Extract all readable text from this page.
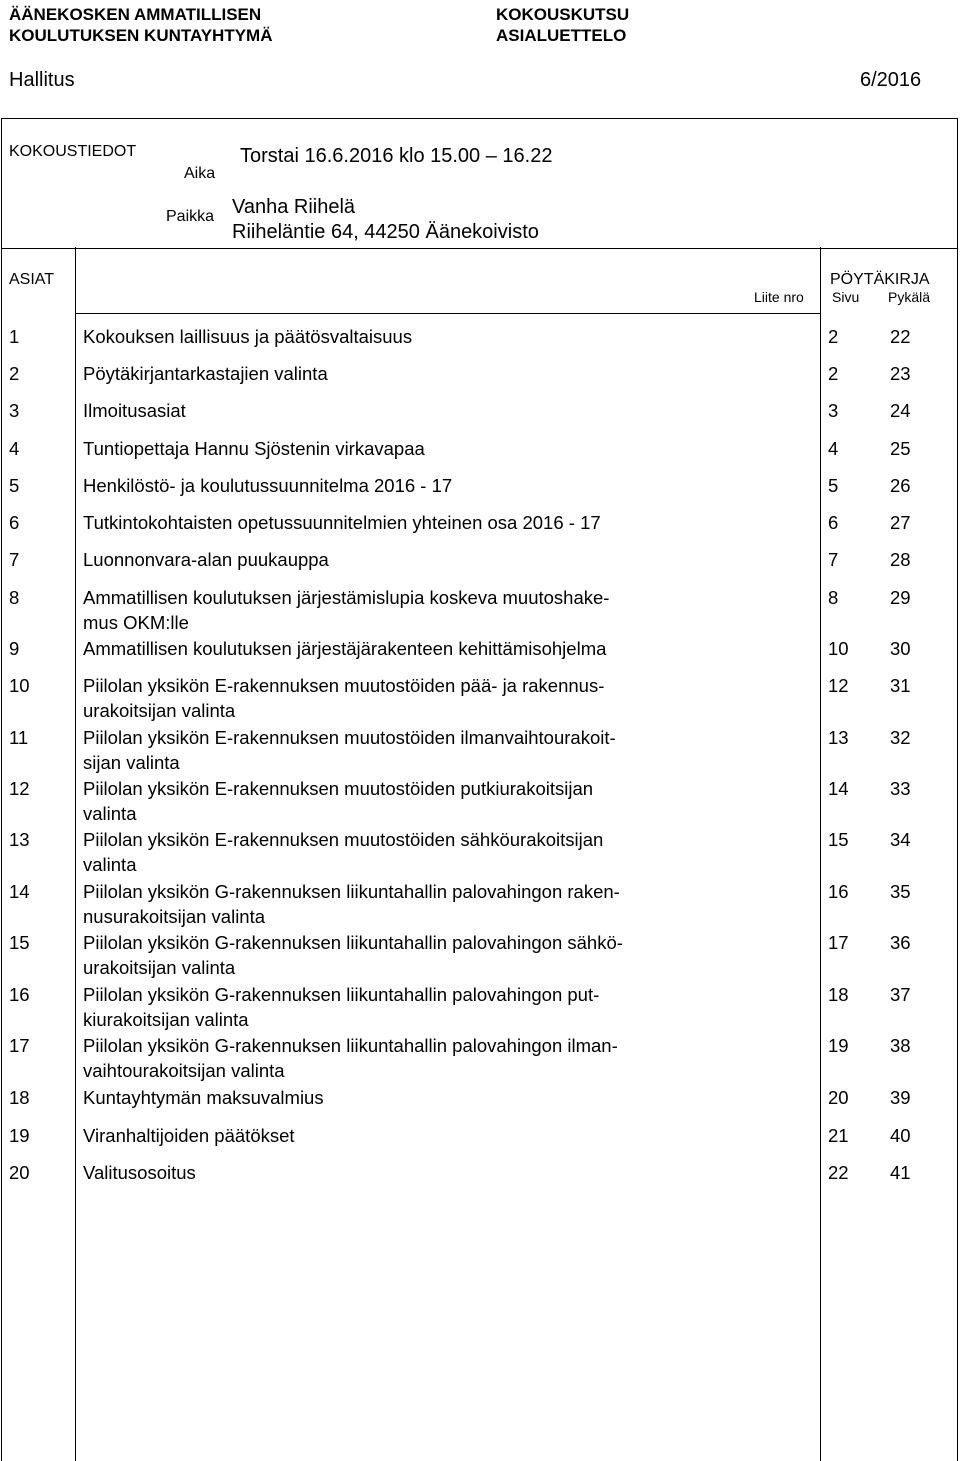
ÄÄNEKOSKEN AMMATILLISEN
KOULUTUKSEN KUNTAYHTYMÄ
KOKOUSKUTSU
ASIALUETTELO
Hallitus	6/2016
KOKOUSTIEDOT
Aika
Torstai 16.6.2016 klo 15.00 – 16.22
Paikka Vanha Riihelä
Riiheläntie 64, 44250 Äänekoivisto
ASIAT
Liite nro
PÖYTÄKIRJA
Sivu Pykälä
1	Kokouksen laillisuus ja päätösvaltaisuus	2	22
2	Pöytäkirjantarkastajien valinta	2	23
3	Ilmoitusasiat	3	24
4	Tuntiopettaja Hannu Sjöstenin virkavapaa	4	25
5	Henkilöstö- ja koulutussuunnitelma 2016 - 17	5	26
6	Tutkintokohtaisten opetussuunnitelmien yhteinen osa 2016 - 17	6	27
7	Luonnonvara-alan puukauppa	7	28
8	Ammatillisen koulutuksen järjestämislupia koskeva muutoshake-
mus OKM:lle
8	29
9	Ammatillisen koulutuksen järjestäjärakenteen kehittämisohjelma	10 30
10	Piilolan yksikön E-rakennuksen muutostöiden pää- ja rakennus-
urakoitsijan valinta
12 31
11	Piilolan yksikön E-rakennuksen muutostöiden ilmanvaihtourakoit-
sijan valinta
13 32
12	Piilolan yksikön E-rakennuksen muutostöiden putkiurakoitsijan
valinta
14 33
13	Piilolan yksikön E-rakennuksen muutostöiden sähköurakoitsijan
valinta
15 34
14	Piilolan yksikön G-rakennuksen liikuntahallin palovahingon raken-
nusurakoitsijan valinta
16 35
15	Piilolan yksikön G-rakennuksen liikuntahallin palovahingon sähkö-
urakoitsijan valinta
17 36
16	Piilolan yksikön G-rakennuksen liikuntahallin palovahingon put-
kiurakoitsijan valinta
18 37
17	Piilolan yksikön G-rakennuksen liikuntahallin palovahingon ilman-
vaihtourakoitsijan valinta
19 38
18	Kuntayhtymän maksuvalmius	20 39
19	Viranhaltijoiden päätökset	21 40
20	Valitusosoitus	22 41
